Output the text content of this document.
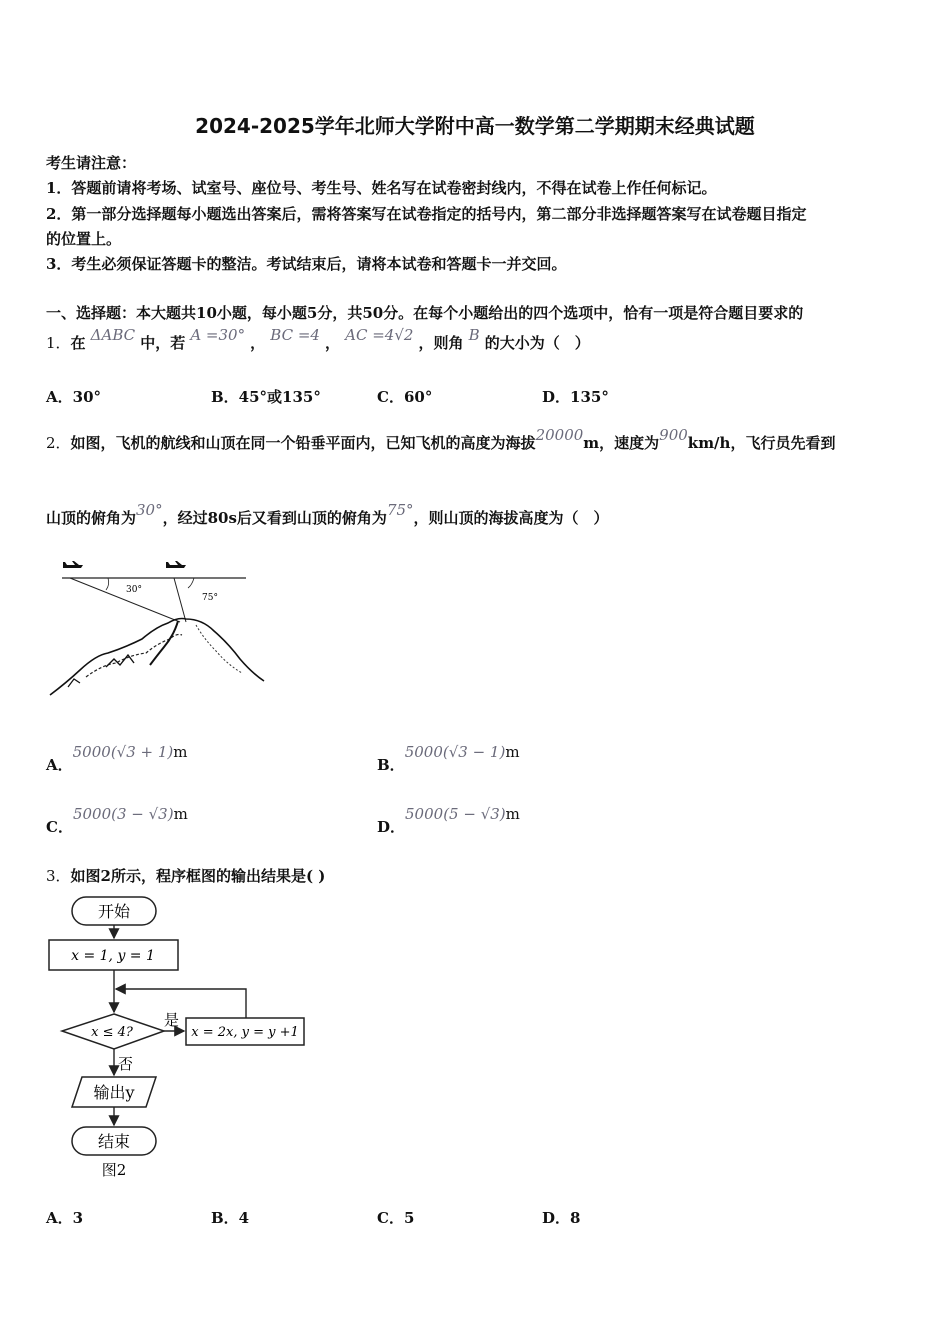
2024-2025学年北师大学附中高一数学第二学期期末经典试题
考生请注意：
1．答题前请将考场、试室号、座位号、考生号、姓名写在试卷密封线内，不得在试卷上作任何标记。
2．第一部分选择题每小题选出答案后，需将答案写在试卷指定的括号内，第二部分非选择题答案写在试卷题目指定
的位置上。
3．考生必须保证答题卡的整洁。考试结束后，请将本试卷和答题卡一并交回。
一、选择题：本大题共10小题，每小题5分，共50分。在每个小题给出的四个选项中，恰有一项是符合题目要求的
1．在 ΔABC 中，若 A =30° ， BC =4 ， AC =4√2 ，则角 B 的大小为（　）
A．30°	B．45°或135°	C．60°	D．135°
2．如图，飞机的航线和山顶在同一个铅垂平面内，已知飞机的高度为海拔20000m，速度为900km/h，飞行员先看到
山顶的俯角为30°，经过80s后又看到山顶的俯角为75°，则山顶的海拔高度为（　）
30°
75°
A．5000(√3 + 1)m
B．5000(√3 − 1)m
C．5000(3 − √3)m
D．5000(5 − √3)m
3．如图2所示，程序框图的输出结果是( )
开始
x = 1, y = 1
x ≤ 4?
是
x = 2x, y = y +1
否
输出y
结束
图2
A．3	B．4	C．5	D．8
